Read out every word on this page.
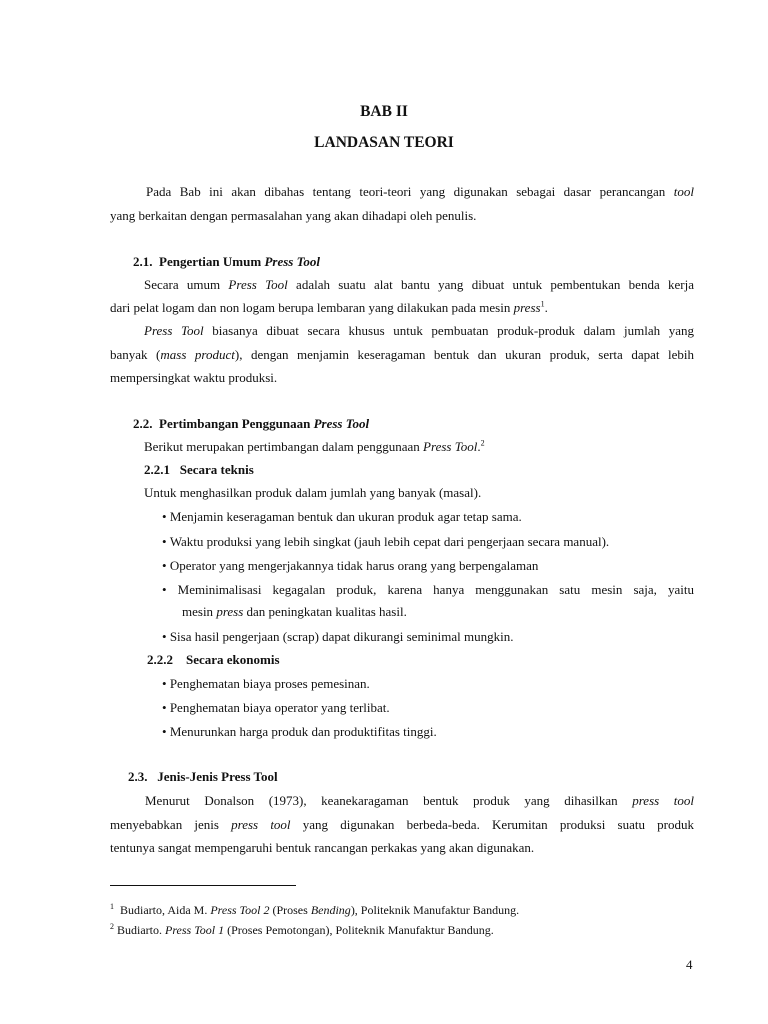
BAB II
LANDASAN TEORI
Pada Bab ini akan dibahas tentang teori-teori yang digunakan sebagai dasar perancangan tool
yang berkaitan dengan permasalahan yang akan dihadapi oleh penulis.
2.1. Pengertian Umum Press Tool
Secara umum Press Tool adalah suatu alat bantu yang dibuat untuk pembentukan benda kerja
dari pelat logam dan non logam berupa lembaran yang dilakukan pada mesin press$^1$.
Press Tool biasanya dibuat secara khusus untuk pembuatan produk-produk dalam jumlah yang
banyak (mass product), dengan menjamin keseragaman bentuk dan ukuran produk, serta dapat lebih
mempersingkat waktu produksi.
2.2. Pertimbangan Penggunaan Press Tool
Berikut merupakan pertimbangan dalam penggunaan Press Tool.$^2$
2.2.1 Secara teknis
Untuk menghasilkan produk dalam jumlah yang banyak (masal).
• Menjamin keseragaman bentuk dan ukuran produk agar tetap sama.
• Waktu produksi yang lebih singkat (jauh lebih cepat dari pengerjaan secara manual).
• Operator yang mengerjakannya tidak harus orang yang berpengalaman
• Meminimalisasi kegagalan produk, karena hanya menggunakan satu mesin saja, yaitu
mesin press dan peningkatan kualitas hasil.
• Sisa hasil pengerjaan (scrap) dapat dikurangi seminimal mungkin.
2.2.2 Secara ekonomis
• Penghematan biaya proses pemesinan.
• Penghematan biaya operator yang terlibat.
• Menurunkan harga produk dan produktifitas tinggi.
2.3. Jenis-Jenis Press Tool
Menurut Donalson (1973), keanekaragaman bentuk produk yang dihasilkan press tool
menyebabkan jenis press tool yang digunakan berbeda-beda. Kerumitan produksi suatu produk
tentunya sangat mempengaruhi bentuk rancangan perkakas yang akan digunakan.
$^1$ Budiarto, Aida M. Press Tool 2 (Proses Bending), Politeknik Manufaktur Bandung.
$^2$ Budiarto. Press Tool 1 (Proses Pemotongan), Politeknik Manufaktur Bandung.
4
